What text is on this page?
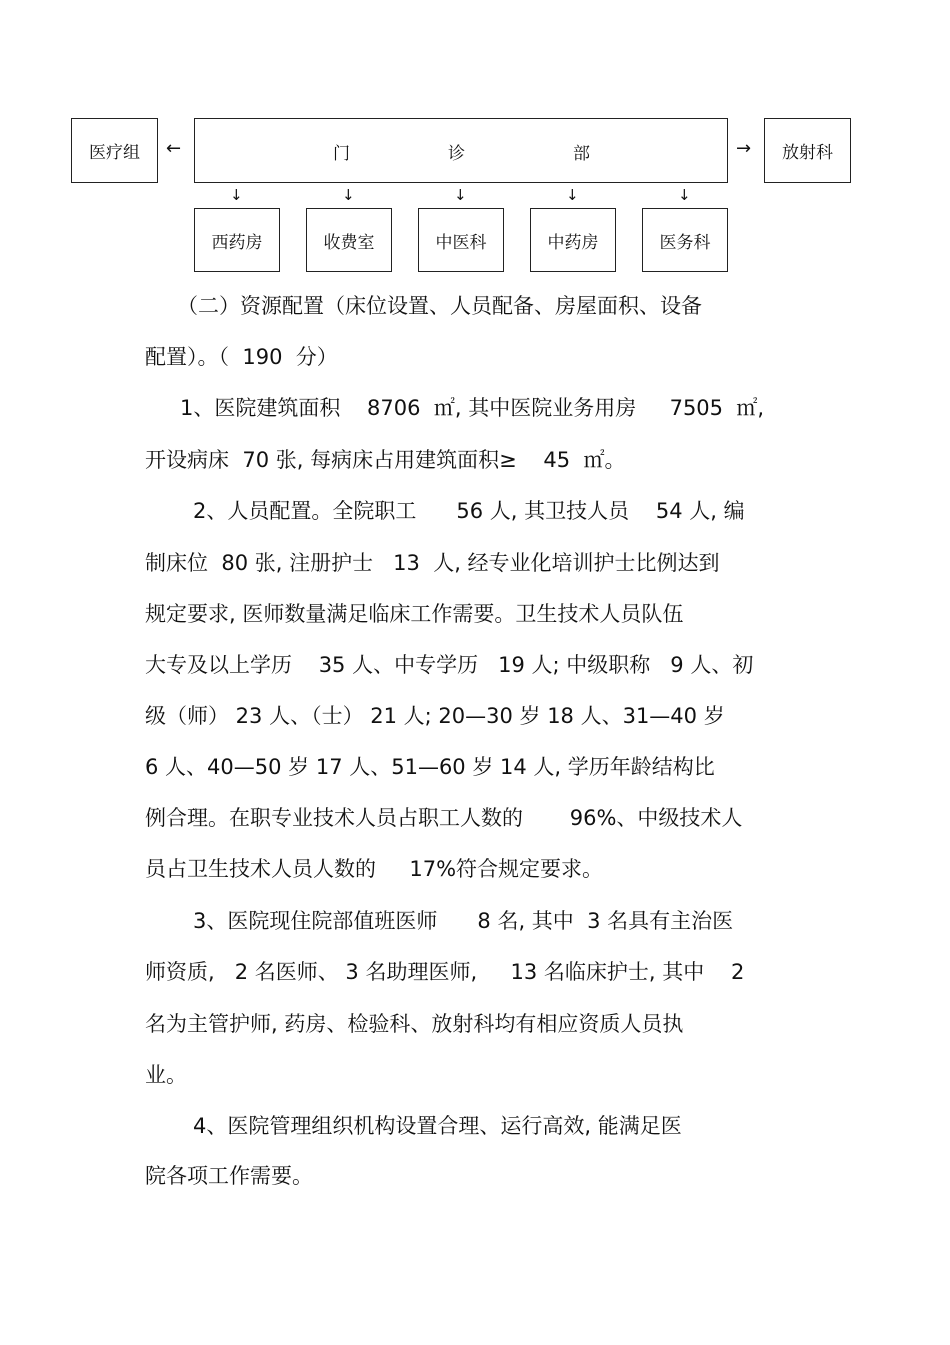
医疗组 ←	门	诊	部	→ 放射科
↓	↓	↓	↓	↓
西药房	收费室	中医科	中药房	医务科
（二）资源配置（床位设置、人员配备、房屋面积、设备
配置）。（  190  分）
1、医院建筑面积    8706  ㎡, 其中医院业务用房     7505  ㎡,
开设病床  70 张, 每病床占用建筑面积≥    45  ㎡。
2、人员配置。全院职工      56 人, 其卫技人员    54 人, 编
制床位  80 张, 注册护士   13  人, 经专业化培训护士比例达到
规定要求, 医师数量满足临床工作需要。卫生技术人员队伍
大专及以上学历    35 人、中专学历   19 人; 中级职称   9 人、初
级（师） 23 人、（士） 21 人; 20—30 岁 18 人、31—40 岁
6 人、40—50 岁 17 人、51—60 岁 14 人, 学历年龄结构比
例合理。在职专业技术人员占职工人数的       96%、中级技术人
员占卫生技术人员人数的     17%符合规定要求。
3、医院现住院部值班医师      8 名, 其中  3 名具有主治医
师资质,   2 名医师、 3 名助理医师,     13 名临床护士, 其中    2
名为主管护师, 药房、检验科、放射科均有相应资质人员执
业。
4、医院管理组织机构设置合理、运行高效, 能满足医
院各项工作需要。
